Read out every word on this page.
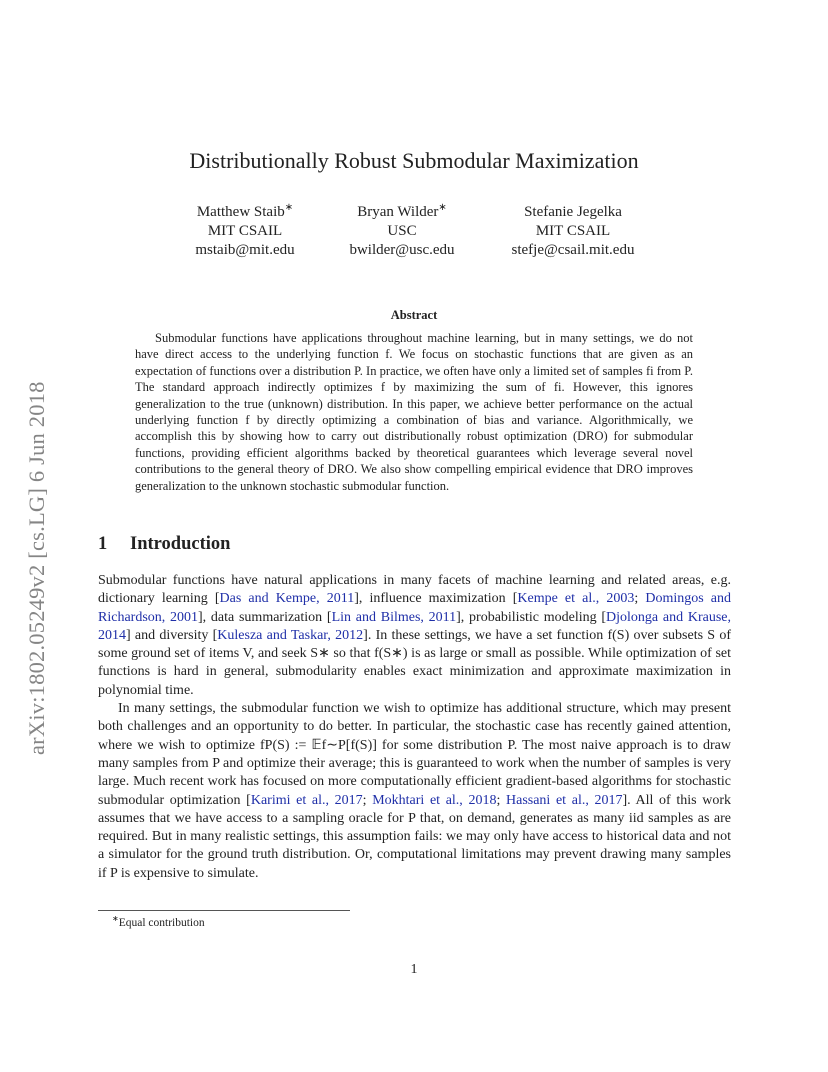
arXiv:1802.05249v2 [cs.LG] 6 Jun 2018
Distributionally Robust Submodular Maximization
Matthew Staib∗
MIT CSAIL
mstaib@mit.edu
Bryan Wilder∗
USC
bwilder@usc.edu
Stefanie Jegelka
MIT CSAIL
stefje@csail.mit.edu
Abstract

Submodular functions have applications throughout machine learning, but in many settings, we do not have direct access to the underlying function f. We focus on stochastic functions that are given as an expectation of functions over a distribution P. In practice, we often have only a limited set of samples fi from P. The standard approach indirectly optimizes f by maximizing the sum of fi. However, this ignores generalization to the true (unknown) distribution. In this paper, we achieve better performance on the actual underlying function f by directly optimizing a combination of bias and variance. Algorithmically, we accomplish this by showing how to carry out distributionally robust optimization (DRO) for submodular functions, providing efficient algorithms backed by theoretical guarantees which leverage several novel contributions to the general theory of DRO. We also show compelling empirical evidence that DRO improves generalization to the unknown stochastic submodular function.

1 Introduction

Submodular functions have natural applications in many facets of machine learning and related areas, e.g. dictionary learning [Das and Kempe, 2011], influence maximization [Kempe et al., 2003; Domingos and Richardson, 2001], data summarization [Lin and Bilmes, 2011], probabilistic modeling [Djolonga and Krause, 2014] and diversity [Kulesza and Taskar, 2012]. In these settings, we have a set function f(S) over subsets S of some ground set of items V, and seek S∗ so that f(S∗) is as large or small as possible. While optimization of set functions is hard in general, submodularity enables exact minimization and approximate maximization in polynomial time.

In many settings, the submodular function we wish to optimize has additional structure, which may present both challenges and an opportunity to do better. In particular, the stochastic case has recently gained attention, where we wish to optimize fP(S) := 𝔼f∼P[f(S)] for some distribution P. The most naive approach is to draw many samples from P and optimize their average; this is guaranteed to work when the number of samples is very large. Much recent work has focused on more computationally efficient gradient-based algorithms for stochastic submodular optimization [Karimi et al., 2017; Mokhtari et al., 2018; Hassani et al., 2017]. All of this work assumes that we have access to a sampling oracle for P that, on demand, generates as many iid samples as are required. But in many realistic settings, this assumption fails: we may only have access to historical data and not a simulator for the ground truth distribution. Or, computational limitations may prevent drawing many samples if P is expensive to simulate.

∗Equal contribution
1
